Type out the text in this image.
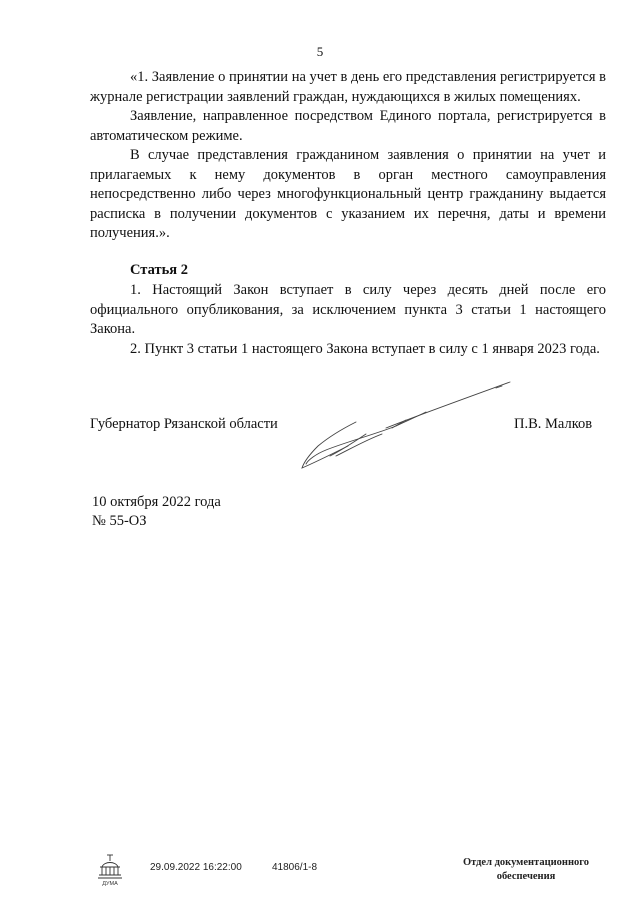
5

«1. Заявление о принятии на учет в день его представления регистрируется в журнале регистрации заявлений граждан, нуждающихся в жилых помещениях.

Заявление, направленное посредством Единого портала, регистрируется в автоматическом режиме.

В случае представления гражданином заявления о принятии на учет и прилагаемых к нему документов в орган местного самоуправления непосредственно либо через многофункциональный центр гражданину выдается расписка в получении документов с указанием их перечня, даты и времени получения.».

Статья 2

1. Настоящий Закон вступает в силу через десять дней после его официального опубликования, за исключением пункта 3 статьи 1 настоящего Закона.

2. Пункт 3 статьи 1 настоящего Закона вступает в силу с 1 января 2023 года.

Губернатор Рязанской области	П.В. Малков
10 октября 2022 года
№ 55-ОЗ
ДУМА
29.09.2022 16:22:00	41806/1-8	Отдел документационного обеспечения
